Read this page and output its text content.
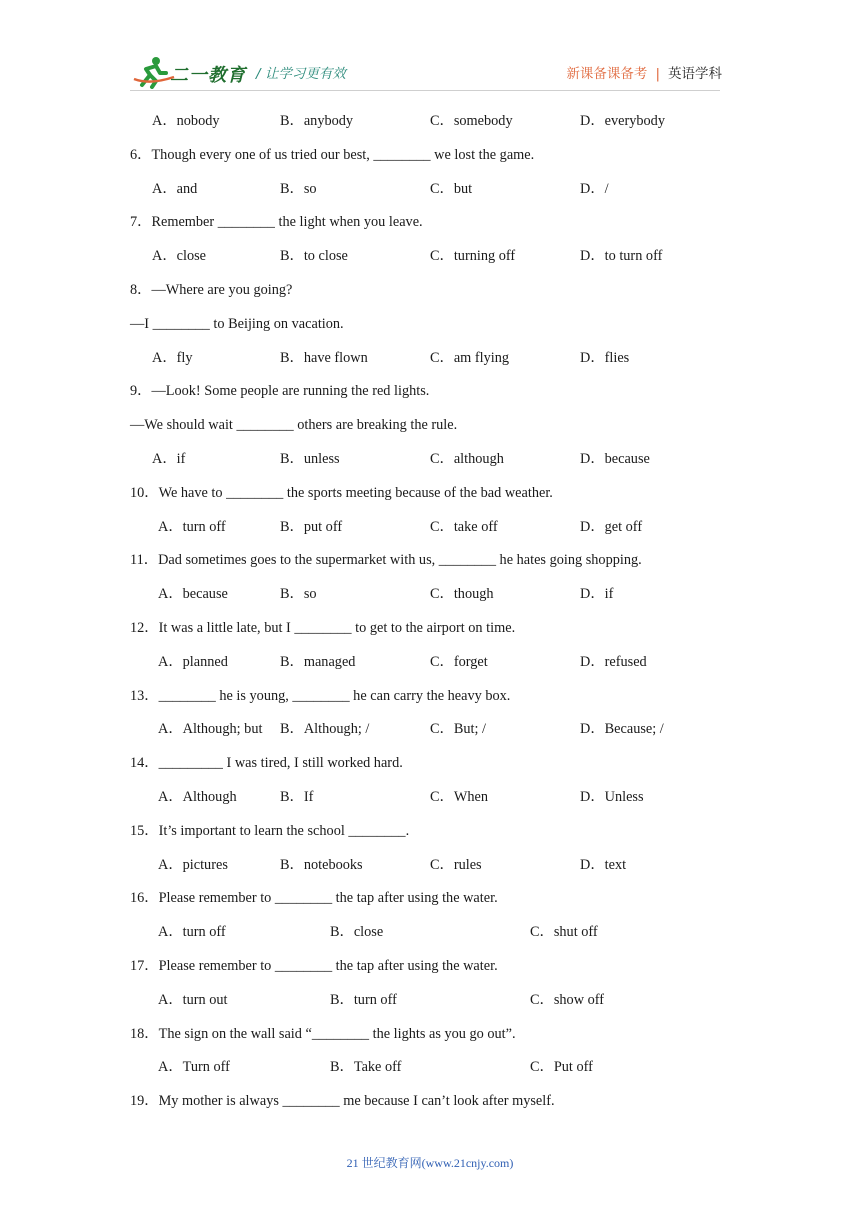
二一教育 / 让学习更有效	新课备课备考 | 英语学科
A．nobody	B．anybody	C．somebody	D．everybody
6．Though every one of us tried our best, ________ we lost the game.
A．and	B．so	C．but	D．/
7．Remember ________ the light when you leave.
A．close	B．to close	C．turning off	D．to turn off
8．—Where are you going?
—I ________ to Beijing on vacation.
A．fly	B．have flown	C．am flying	D．flies
9．—Look! Some people are running the red lights.
—We should wait ________ others are breaking the rule.
A．if	B．unless	C．although	D．because
10．We have to ________ the sports meeting because of the bad weather.
A．turn off	B．put off	C．take off	D．get off
11．Dad sometimes goes to the supermarket with us, ________ he hates going shopping.
A．because	B．so	C．though	D．if
12．It was a little late, but I ________ to get to the airport on time.
A．planned	B．managed	C．forget	D．refused
13．________ he is young, ________ he can carry the heavy box.
A．Although; but B．Although; /	C．But; /	D．Because; /
14．_________ I was tired, I still worked hard.
A．Although	B．If	C．When	D．Unless
15．It’s important to learn the school ________.
A．pictures	B．notebooks	C．rules	D．text
16．Please remember to ________ the tap after using the water.
A．turn off	B．close	C．shut off
17．Please remember to ________ the tap after using the water.
A．turn out	B．turn off	C．show off
18．The sign on the wall said “________ the lights as you go out”.
A．Turn off	B．Take off	C．Put off
19．My mother is always ________ me because I can’t look after myself.
21 世纪教育网(www.21cnjy.com)
